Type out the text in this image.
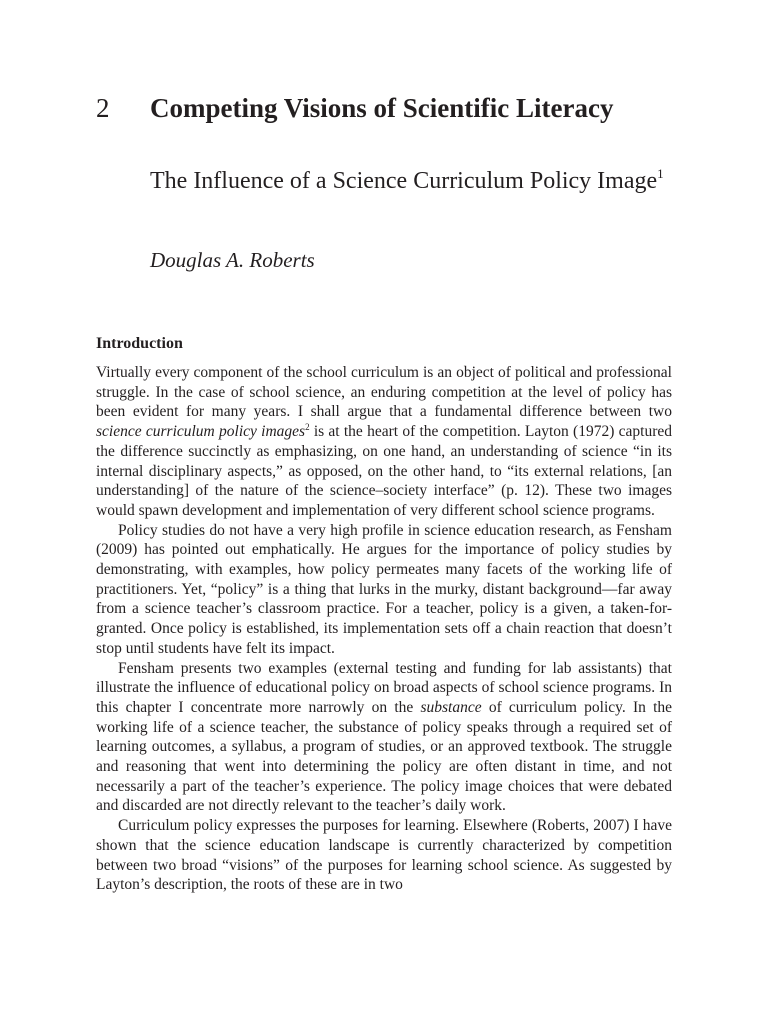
2 Competing Visions of Scientific Literacy
The Influence of a Science Curriculum Policy Image$^1$
Douglas A. Roberts
Introduction

Virtually every component of the school curriculum is an object of political and professional struggle. In the case of school science, an enduring competition at the level of policy has been evident for many years. I shall argue that a fundamental difference between two science curriculum policy images$^2$ is at the heart of the competition. Layton (1972) captured the difference succinctly as emphasizing, on one hand, an understanding of science “in its internal disciplinary aspects,” as opposed, on the other hand, to “its external relations, [an understanding] of the nature of the science–society interface” (p. 12). These two images would spawn development and implementation of very different school science programs.

Policy studies do not have a very high profile in science education research, as Fensham (2009) has pointed out emphatically. He argues for the importance of policy studies by demonstrating, with examples, how policy permeates many facets of the working life of practitioners. Yet, “policy” is a thing that lurks in the murky, distant background—far away from a science teacher’s classroom practice. For a teacher, policy is a given, a taken-for-granted. Once policy is established, its implementation sets off a chain reaction that doesn’t stop until students have felt its impact.

Fensham presents two examples (external testing and funding for lab assistants) that illustrate the influence of educational policy on broad aspects of school science programs. In this chapter I concentrate more narrowly on the substance of curriculum policy. In the working life of a science teacher, the substance of policy speaks through a required set of learning outcomes, a syllabus, a program of studies, or an approved textbook. The struggle and reasoning that went into determining the policy are often distant in time, and not necessarily a part of the teacher’s experience. The policy image choices that were debated and discarded are not directly relevant to the teacher’s daily work.

Curriculum policy expresses the purposes for learning. Elsewhere (Roberts, 2007) I have shown that the science education landscape is currently characterized by competition between two broad “visions” of the purposes for learning school science. As suggested by Layton’s description, the roots of these are in two
